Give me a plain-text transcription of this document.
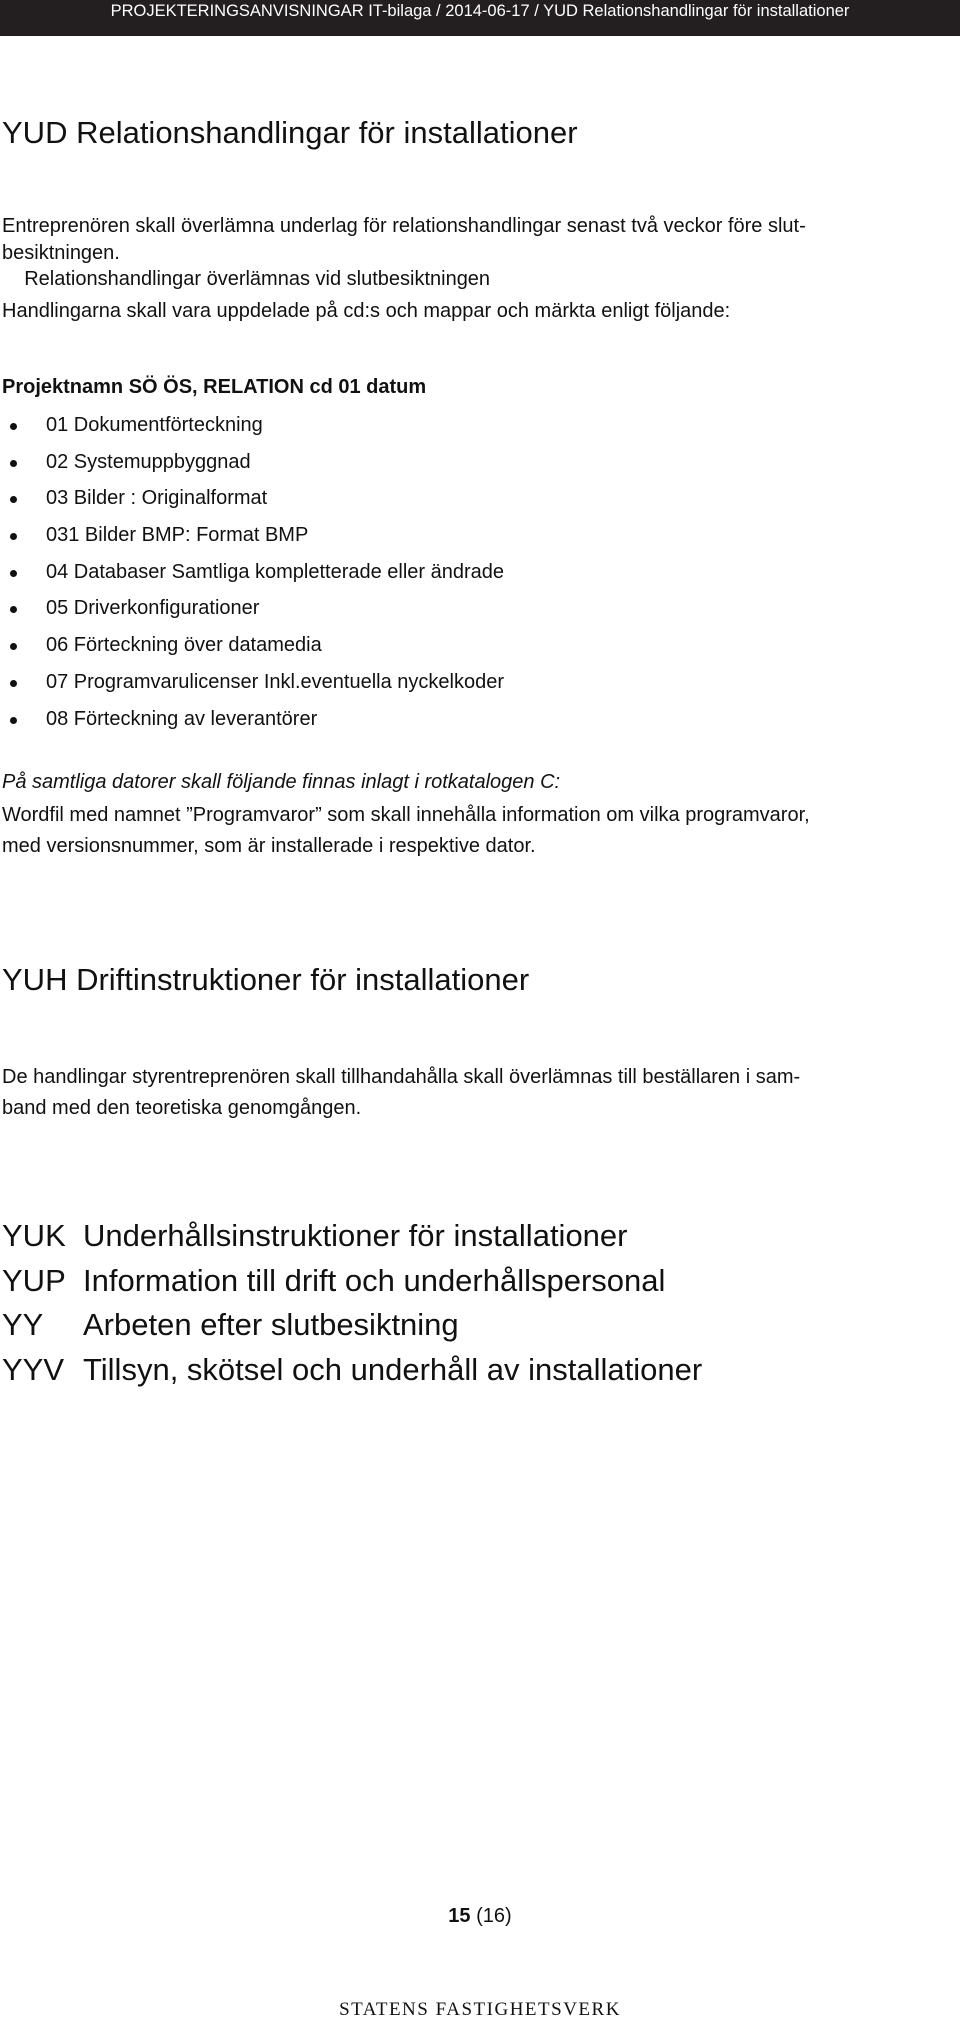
PROJEKTERINGSANVISNINGAR IT-bilaga / 2014-06-17 / YUD Relationshandlingar för installationer
YUD Relationshandlingar för installationer
Entreprenören skall överlämna underlag för relationshandlingar senast två veckor före slut-
besiktningen.
Relationshandlingar överlämnas vid slutbesiktningen
Handlingarna skall vara uppdelade på cd:s och mappar och märkta enligt följande:
Projektnamn SÖ ÖS, RELATION cd 01 datum
01 Dokumentförteckning
02 Systemuppbyggnad
03 Bilder : Originalformat
031 Bilder BMP: Format BMP
04 Databaser Samtliga kompletterade eller ändrade
05 Driverkonfigurationer
06 Förteckning över datamedia
07 Programvarulicenser Inkl.eventuella nyckelkoder
08 Förteckning av leverantörer

På samtliga datorer skall följande finnas inlagt i rotkatalogen C:

Wordfil med namnet ”Programvaror” som skall innehålla information om vilka programvaror,
med versionsnummer, som är installerade i respektive dator.
YUH Driftinstruktioner för installationer
De handlingar styrentreprenören skall tillhandahålla skall överlämnas till beställaren i sam-
band med den teoretiska genomgången.
YUK Underhållsinstruktioner för installationer
YUP Information till drift och underhållspersonal
YY	Arbeten efter slutbesiktning
YYV Tillsyn, skötsel och underhåll av installationer
15 (16)
STATENS FASTIGHETSVERK
